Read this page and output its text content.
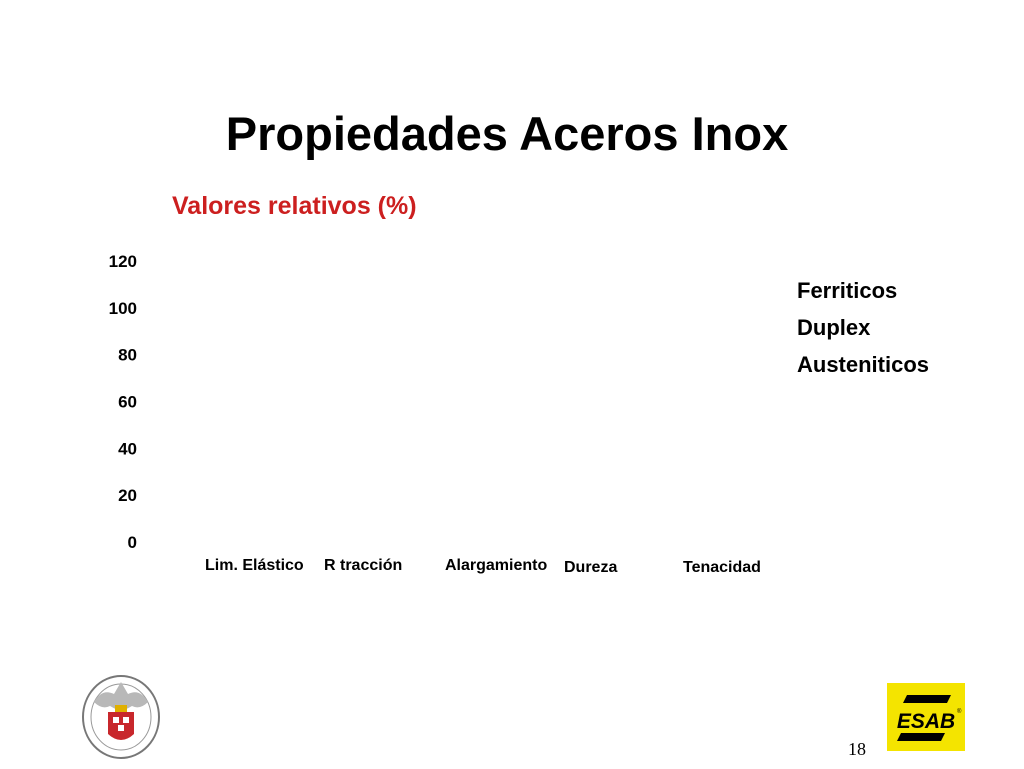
Propiedades Aceros Inox
Valores relativos (%)
0
20
40
60
80
100
120
Lim. Elástico R tracción	Alargamiento Dureza	Tenacidad
Ferriticos
Duplex
Austeniticos
ESAB ®
18
